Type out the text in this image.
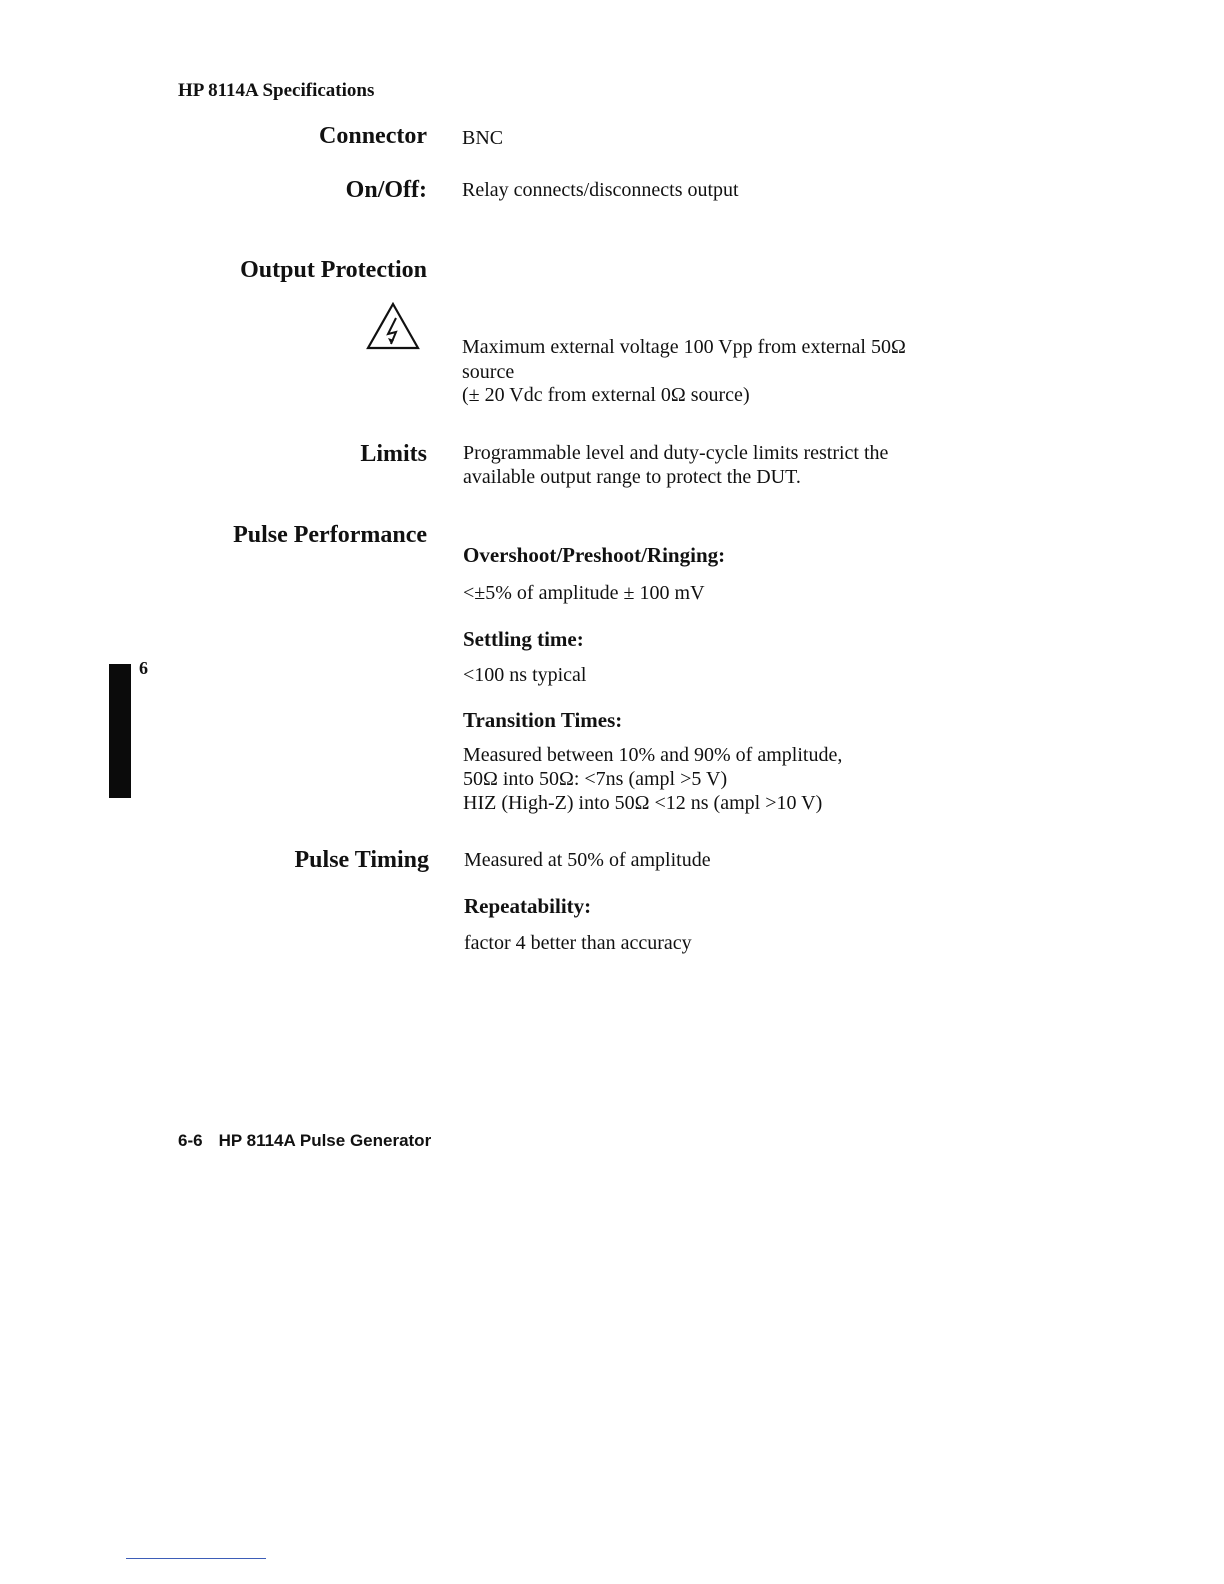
HP 8114A Specifications
Connector BNC
On/Off: Relay connects/disconnects output
Output Protection
Maximum external voltage 100 Vpp from external 50Ω
source
(± 20 Vdc from external 0Ω source)
Limits Programmable level and duty-cycle limits restrict the
available output range to protect the DUT.
Pulse Performance
Overshoot/Preshoot/Ringing:
<±5% of amplitude ± 100 mV
Settling time:
<100 ns typical
Transition Times:
Measured between 10% and 90% of amplitude,
50Ω into 50Ω: <7ns (ampl >5 V)
HIZ (High-Z) into 50Ω <12 ns (ampl >10 V)
Pulse Timing Measured at 50% of amplitude
Repeatability:
factor 4 better than accuracy
6
6-6 HP 8114A Pulse Generator
